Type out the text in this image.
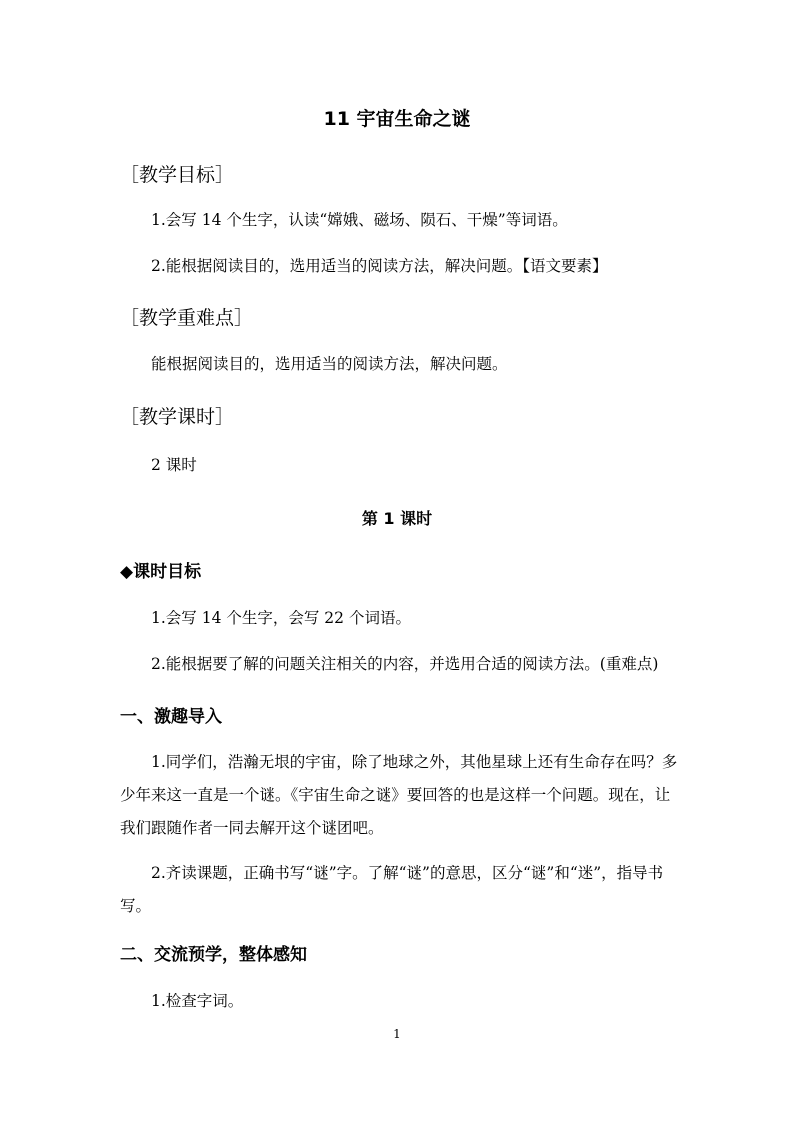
11 宇宙生命之谜
［教学目标］
1.会写 14 个生字，认读“嫦娥、磁场、陨石、干燥”等词语。
2.能根据阅读目的，选用适当的阅读方法，解决问题。【语文要素】
［教学重难点］
能根据阅读目的，选用适当的阅读方法，解决问题。
［教学课时］
2 课时
第 1 课时
◆课时目标
1.会写 14 个生字，会写 22 个词语。
2.能根据要了解的问题关注相关的内容，并选用合适的阅读方法。(重难点)
一、激趣导入
1.同学们，浩瀚无垠的宇宙，除了地球之外，其他星球上还有生命存在吗？多少年来这一直是一个谜。《宇宙生命之谜》要回答的也是这样一个问题。现在，让我们跟随作者一同去解开这个谜团吧。
2.齐读课题，正确书写“谜”字。了解“谜”的意思，区分“谜”和“迷”，指导书写。
二、交流预学，整体感知
1.检查字词。
1
